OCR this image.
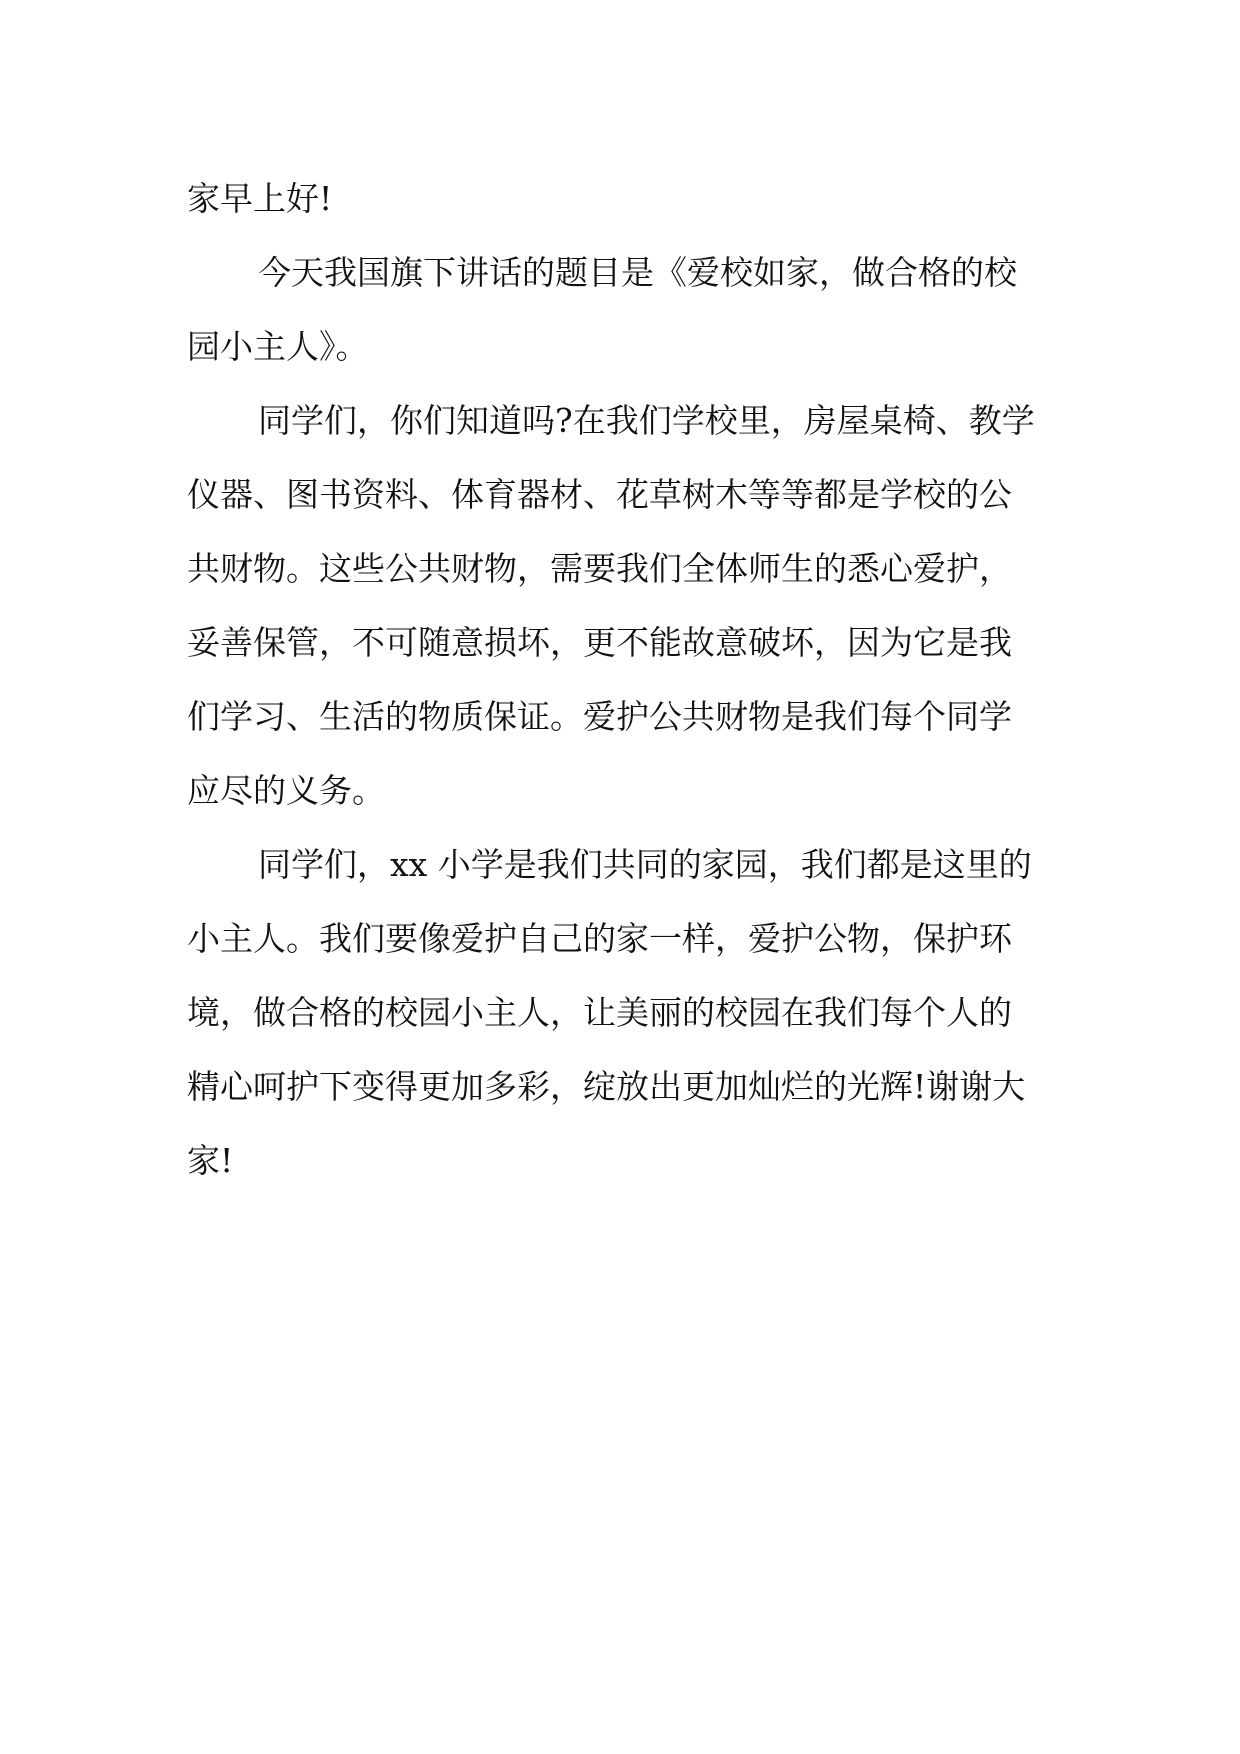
家早上好!
今天我国旗下讲话的题目是《爱校如家，做合格的校
园小主人》。
同学们，你们知道吗?在我们学校里，房屋桌椅、教学
仪器、图书资料、体育器材、花草树木等等都是学校的公
共财物。这些公共财物，需要我们全体师生的悉心爱护，
妥善保管，不可随意损坏，更不能故意破坏，因为它是我
们学习、生活的物质保证。爱护公共财物是我们每个同学
应尽的义务。
同学们，xx 小学是我们共同的家园，我们都是这里的
小主人。我们要像爱护自己的家一样，爱护公物，保护环
境，做合格的校园小主人，让美丽的校园在我们每个人的
精心呵护下变得更加多彩，绽放出更加灿烂的光辉!谢谢大
家!
